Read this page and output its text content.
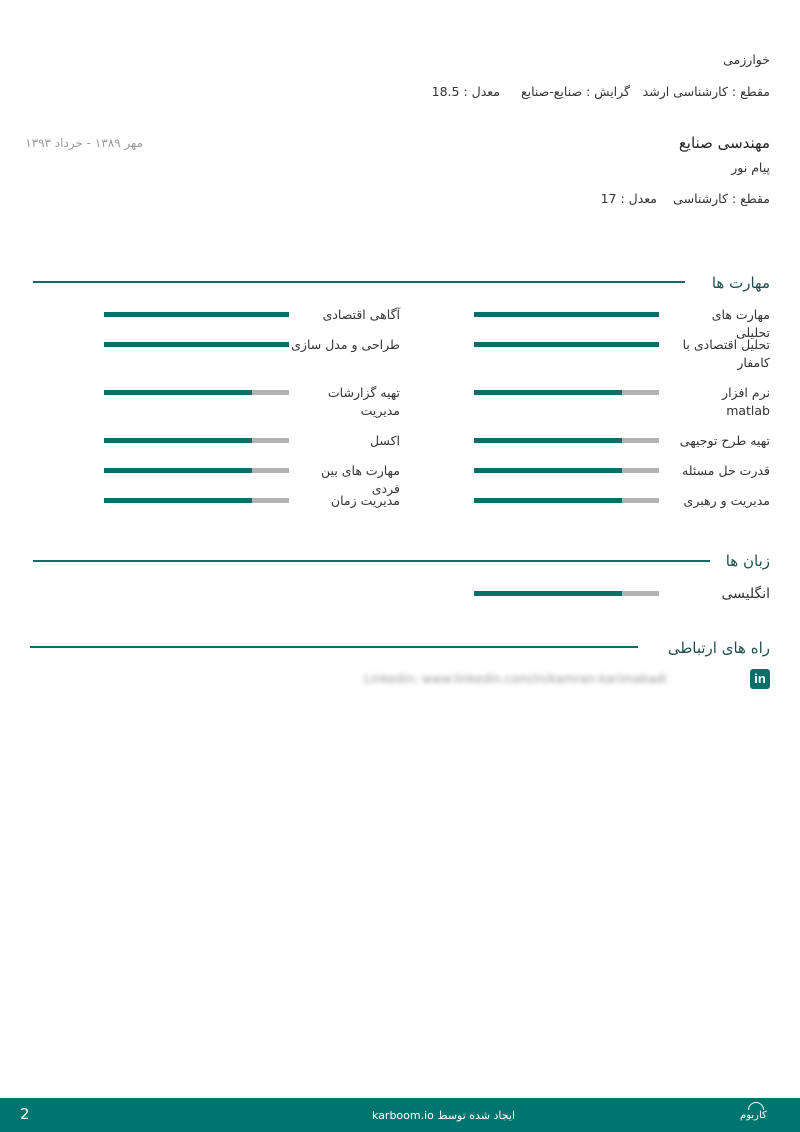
خوارزمی
مقطع : کارشناسی ارشد
گرایش : صنایع-صنایع
معدل : 18.5
مهندسی صنایع
پیام نور
مقطع : کارشناسی
معدل : 17
مهر ۱۳۸۹ - خرداد ۱۳۹۳
مهارت ها
مهارت های تحلیلی
تحلیل اقتصادی با کامفار
نرم افزار matlab
تهیه طرح توجیهی
قدرت حل مسئله
مدیریت و رهبری
آگاهی اقتصادی
طراحی و مدل سازی
تهیه گزارشات مدیریت
اکسل
مهارت های بین فردی
مدیریت زمان
زبان ها
انگلیسی
راه های ارتباطی
in
Linkedin: www.linkedin.com/in/kamran-karimabadi
2	ایجاد شده توسط karboom.io	کاربوم
